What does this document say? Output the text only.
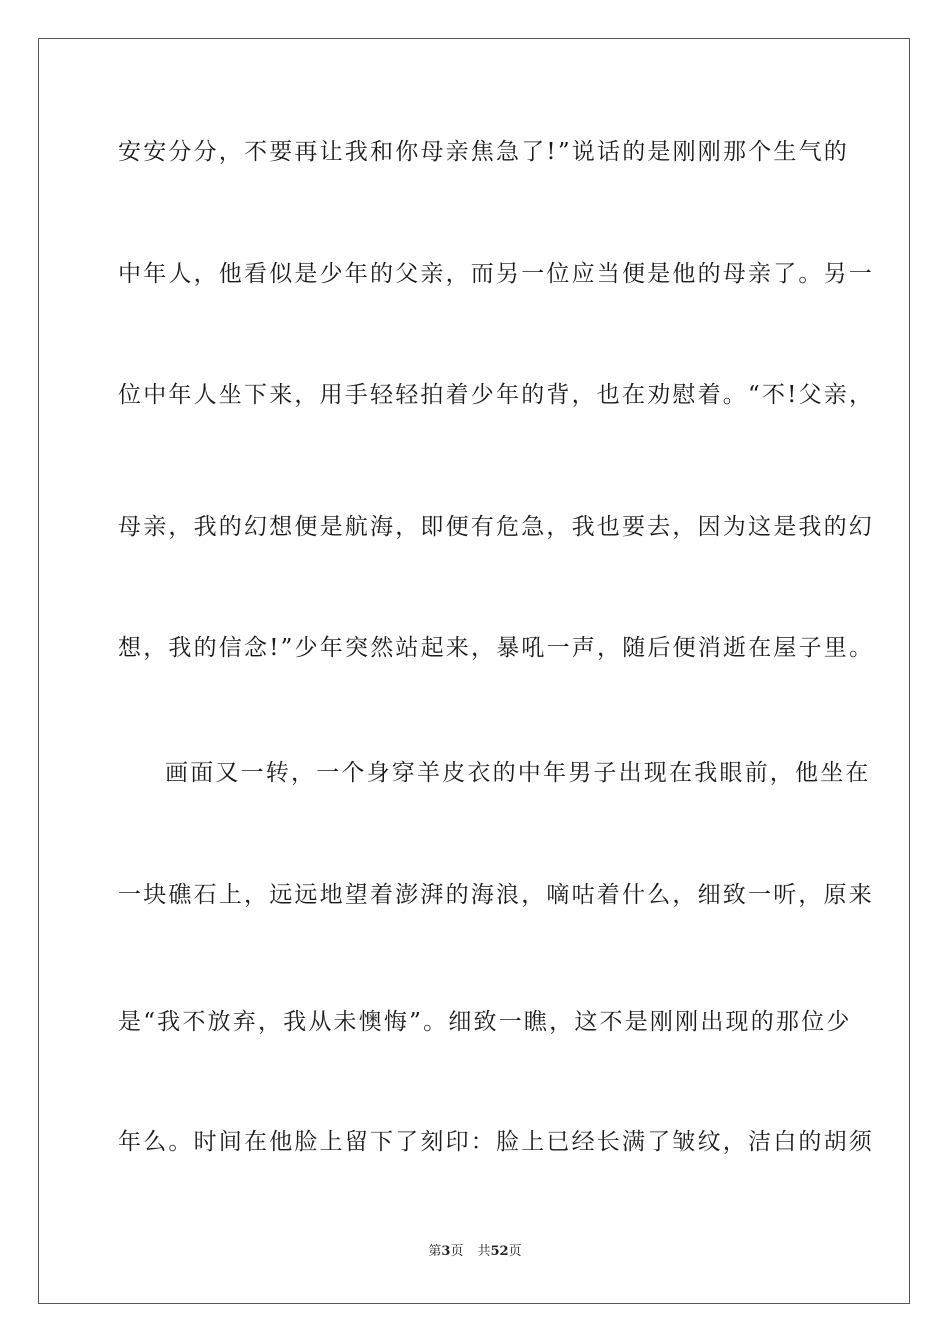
安安分分，不要再让我和你母亲焦急了!”说话的是刚刚那个生气的
中年人，他看似是少年的父亲，而另一位应当便是他的母亲了。另一
位中年人坐下来，用手轻轻拍着少年的背，也在劝慰着。“不!父亲，
母亲，我的幻想便是航海，即便有危急，我也要去，因为这是我的幻
想，我的信念!”少年突然站起来，暴吼一声，随后便消逝在屋子里。
画面又一转，一个身穿羊皮衣的中年男子出现在我眼前，他坐在
一块礁石上，远远地望着澎湃的海浪，嘀咕着什么，细致一听，原来
是“我不放弃，我从未懊悔”。细致一瞧，这不是刚刚出现的那位少
年么。时间在他脸上留下了刻印：脸上已经长满了皱纹，洁白的胡须
第3页 共52页
